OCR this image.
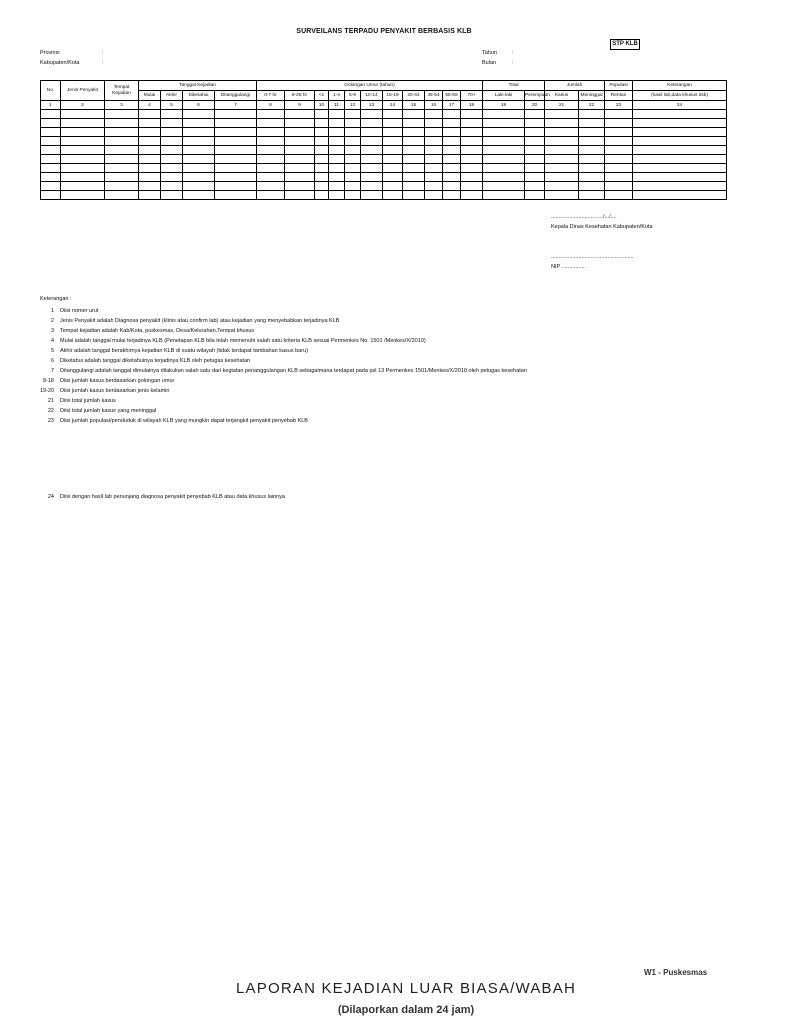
SURVEILANS TERPADU PENYAKIT BERBASIS KLB
STP KLB
Provinsi	:
Kabupaten/Kota	:
Tahun	:
Bulan	:
No.	Jenis Penyakit	Tempat Kejadian	Tanggal Kejadian				Golongan Umur (tahun)											Total		Jumlah		Populasi	Keterangan
			Mulai	Akhir	Diketahui	Ditanggulangi	0-7 hr	8-28 hr	<1	1-4	5-9	10-14	15-19	20-44	45-54	55-69	70+	Laki-laki	Perempuan	Kasus	Meninggal	Rentan	(hasil lab,data khusus dsb)
1	2	3	4	5	6	7	8	9	10	11	12	13	14	15	16	17	18	19	20	21	22	23	24

......................,.........../.../....
Kepala Dinas Kesehatan Kabupaten/Kota
......................................................
NIP ................
Keterangan :
1 Diisi nomer urut
2 Jenis Penyakit adalah Diagnosa penyakit (klinis atau confirm lab) atau kejadian yang menyebabkan terjadinya KLB
3 Tempat kejadian adalah Kab/Kota, puskesmas, Desa/Kelurahan,Tempat khusus
4 Mulai adalah tanggal mulai terjadinya KLB (Penetapan KLB bila telah memenuhi salah satu kriteria KLB sesuai Permenkes No. 1501 /Menkes/X/2010)
5 Akhir adalah tanggal berakhirnya kejadian KLB di suatu wilayah (tidak terdapat tambahan kasus baru)
6 Diketahui adalah tanggal diketahuinya terjadinya KLB oleh petugas kesehatan
7 Ditanggulangi adalah tanggal dimulainya dilakukan salah satu dari kegiatan penanggulangan KLB sebagaimana terdapat pada psl 13 Permenkes 1501/Menkes/X/2010 oleh petugas kesehatan
8-18 Diisi jumlah kasus berdasarkan golongan umur
19-20 Diisi jumlah kasus berdasarkan jenis kelamin
21 Diisi total jumlah kasus
22 Diisi total jumlah kasus yang meninggal
23 Diisi jumlah populasi/penduduk di wilayah KLB yang mungkin dapat terjangkit penyakit penyebab KLB
24 Diisi dengan hasil lab penunjang diagnosa penyakit penyebab KLB atau data khusus lainnya
W1 - Puskesmas
LAPORAN KEJADIAN LUAR BIASA/WABAH
(Dilaporkan dalam 24 jam)
